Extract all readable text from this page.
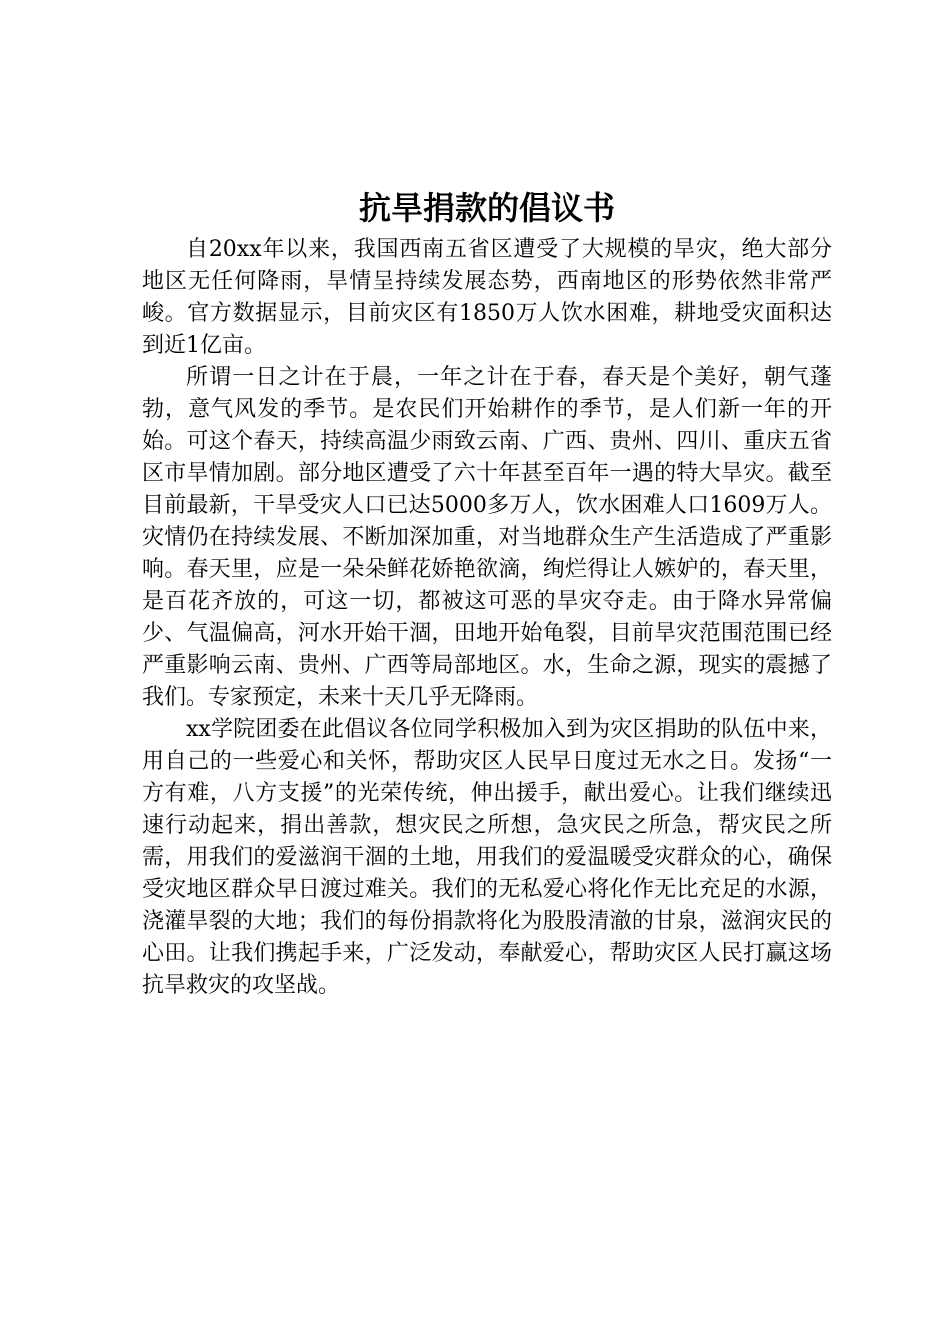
抗旱捐款的倡议书

自20xx年以来，我国西南五省区遭受了大规模的旱灾，绝大部分地区无任何降雨，旱情呈持续发展态势，西南地区的形势依然非常严峻。官方数据显示，目前灾区有1850万人饮水困难，耕地受灾面积达到近1亿亩。

所谓一日之计在于晨，一年之计在于春，春天是个美好，朝气蓬勃，意气风发的季节。是农民们开始耕作的季节，是人们新一年的开始。可这个春天，持续高温少雨致云南、广西、贵州、四川、重庆五省区市旱情加剧。部分地区遭受了六十年甚至百年一遇的特大旱灾。截至目前最新，干旱受灾人口已达5000多万人，饮水困难人口1609万人。灾情仍在持续发展、不断加深加重，对当地群众生产生活造成了严重影响。春天里，应是一朵朵鲜花娇艳欲滴，绚烂得让人嫉妒的，春天里，是百花齐放的，可这一切，都被这可恶的旱灾夺走。由于降水异常偏少、气温偏高，河水开始干涸，田地开始龟裂，目前旱灾范围范围已经严重影响云南、贵州、广西等局部地区。水，生命之源，现实的震撼了我们。专家预定，未来十天几乎无降雨。

xx学院团委在此倡议各位同学积极加入到为灾区捐助的队伍中来，用自己的一些爱心和关怀，帮助灾区人民早日度过无水之日。发扬“一方有难，八方支援”的光荣传统，伸出援手，献出爱心。让我们继续迅速行动起来，捐出善款，想灾民之所想，急灾民之所急，帮灾民之所需，用我们的爱滋润干涸的土地，用我们的爱温暖受灾群众的心，确保受灾地区群众早日渡过难关。我们的无私爱心将化作无比充足的水源，浇灌旱裂的大地；我们的每份捐款将化为股股清澈的甘泉，滋润灾民的心田。让我们携起手来，广泛发动，奉献爱心，帮助灾区人民打赢这场抗旱救灾的攻坚战。
